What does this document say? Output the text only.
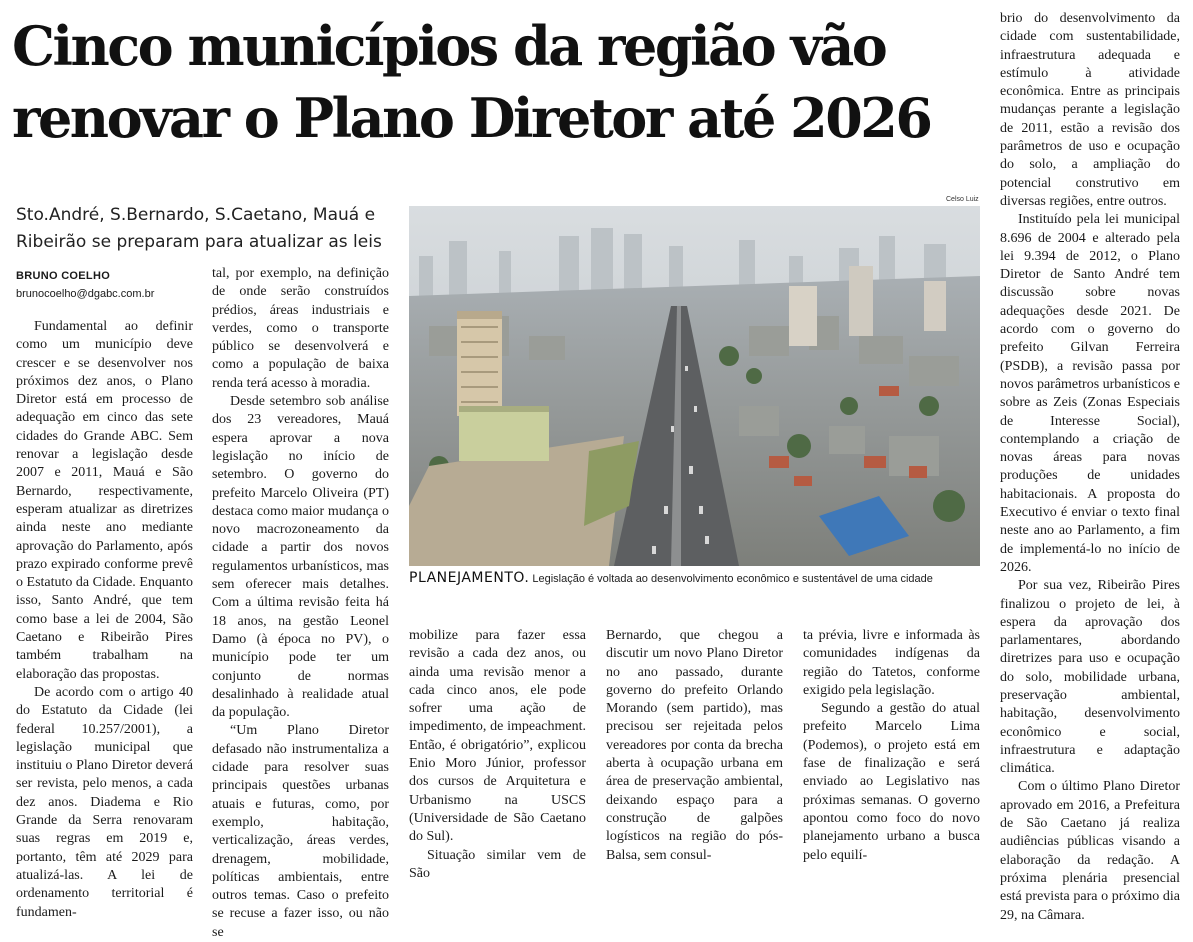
Cinco municípios da região vão renovar o Plano Diretor até 2026
Sto.André, S.Bernardo, S.Caetano, Mauá e Ribeirão se preparam para atualizar as leis
BRUNO COELHO
brunocoelho@dgabc.com.br

Fundamental ao definir como um município deve crescer e se desenvolver nos próximos dez anos, o Plano Diretor está em processo de adequação em cinco das sete cidades do Grande ABC. Sem renovar a legislação desde 2007 e 2011, Mauá e São Bernardo, respectivamente, esperam atualizar as diretrizes ainda neste ano mediante aprovação do Parlamento, após prazo expirado conforme prevê o Estatuto da Cidade. Enquanto isso, Santo André, que tem como base a lei de 2004, São Caetano e Ribeirão Pires também trabalham na elaboração das propostas.

De acordo com o artigo 40 do Estatuto da Cidade (lei federal 10.257/2001), a legislação municipal que instituiu o Plano Diretor deverá ser revista, pelo menos, a cada dez anos. Diadema e Rio Grande da Serra renovaram suas regras em 2019 e, portanto, têm até 2029 para atualizá-las. A lei de ordenamento territorial é fundamen-

tal, por exemplo, na definição de onde serão construídos prédios, áreas industriais e verdes, como o transporte público se desenvolverá e como a população de baixa renda terá acesso à moradia.

Desde setembro sob análise dos 23 vereadores, Mauá espera aprovar a nova legislação no início de setembro. O governo do prefeito Marcelo Oliveira (PT) destaca como maior mudança o novo macrozoneamento da cidade a partir dos novos regulamentos urbanísticos, mas sem oferecer mais detalhes. Com a última revisão feita há 18 anos, na gestão Leonel Damo (à época no PV), o município pode ter um conjunto de normas desalinhado à realidade atual da população.

“Um Plano Diretor defasado não instrumentaliza a cidade para resolver suas principais questões urbanas atuais e futuras, como, por exemplo, habitação, verticalização, áreas verdes, drenagem, mobilidade, políticas ambientais, entre outros temas. Caso o prefeito se recuse a fazer isso, ou não se

Celso Luiz
PLANEJAMENTO. Legislação é voltada ao desenvolvimento econômico e sustentável de uma cidade

mobilize para fazer essa revisão a cada dez anos, ou ainda uma revisão menor a cada cinco anos, ele pode sofrer uma ação de impedimento, de impeachment. Então, é obrigatório”, explicou Enio Moro Júnior, professor dos cursos de Arquitetura e Urbanismo na USCS (Universidade de São Caetano do Sul).

Situação similar vem de São

Bernardo, que chegou a discutir um novo Plano Diretor no ano passado, durante governo do prefeito Orlando Morando (sem partido), mas precisou ser rejeitada pelos vereadores por conta da brecha aberta à ocupação urbana em área de preservação ambiental, deixando espaço para a construção de galpões logísticos na região do pós-Balsa, sem consul-

ta prévia, livre e informada às comunidades indígenas da região do Tatetos, conforme exigido pela legislação.

Segundo a gestão do atual prefeito Marcelo Lima (Podemos), o projeto está em fase de finalização e será enviado ao Legislativo nas próximas semanas. O governo apontou como foco do novo planejamento urbano a busca pelo equilí-

brio do desenvolvimento da cidade com sustentabilidade, infraestrutura adequada e estímulo à atividade econômica. Entre as principais mudanças perante a legislação de 2011, estão a revisão dos parâmetros de uso e ocupação do solo, a ampliação do potencial construtivo em diversas regiões, entre outros.

Instituído pela lei municipal 8.696 de 2004 e alterado pela lei 9.394 de 2012, o Plano Diretor de Santo André tem discussão sobre novas adequações desde 2021. De acordo com o governo do prefeito Gilvan Ferreira (PSDB), a revisão passa por novos parâmetros urbanísticos e sobre as Zeis (Zonas Especiais de Interesse Social), contemplando a criação de novas áreas para novas produções de unidades habitacionais. A proposta do Executivo é enviar o texto final neste ano ao Parlamento, a fim de implementá-lo no início de 2026.

Por sua vez, Ribeirão Pires finalizou o projeto de lei, à espera da aprovação dos parlamentares, abordando diretrizes para uso e ocupação do solo, mobilidade urbana, preservação ambiental, habitação, desenvolvimento econômico e social, infraestrutura e adaptação climática.

Com o último Plano Diretor aprovado em 2016, a Prefeitura de São Caetano já realiza audiências públicas visando a elaboração da redação. A próxima plenária presencial está prevista para o próximo dia 29, na Câmara.
